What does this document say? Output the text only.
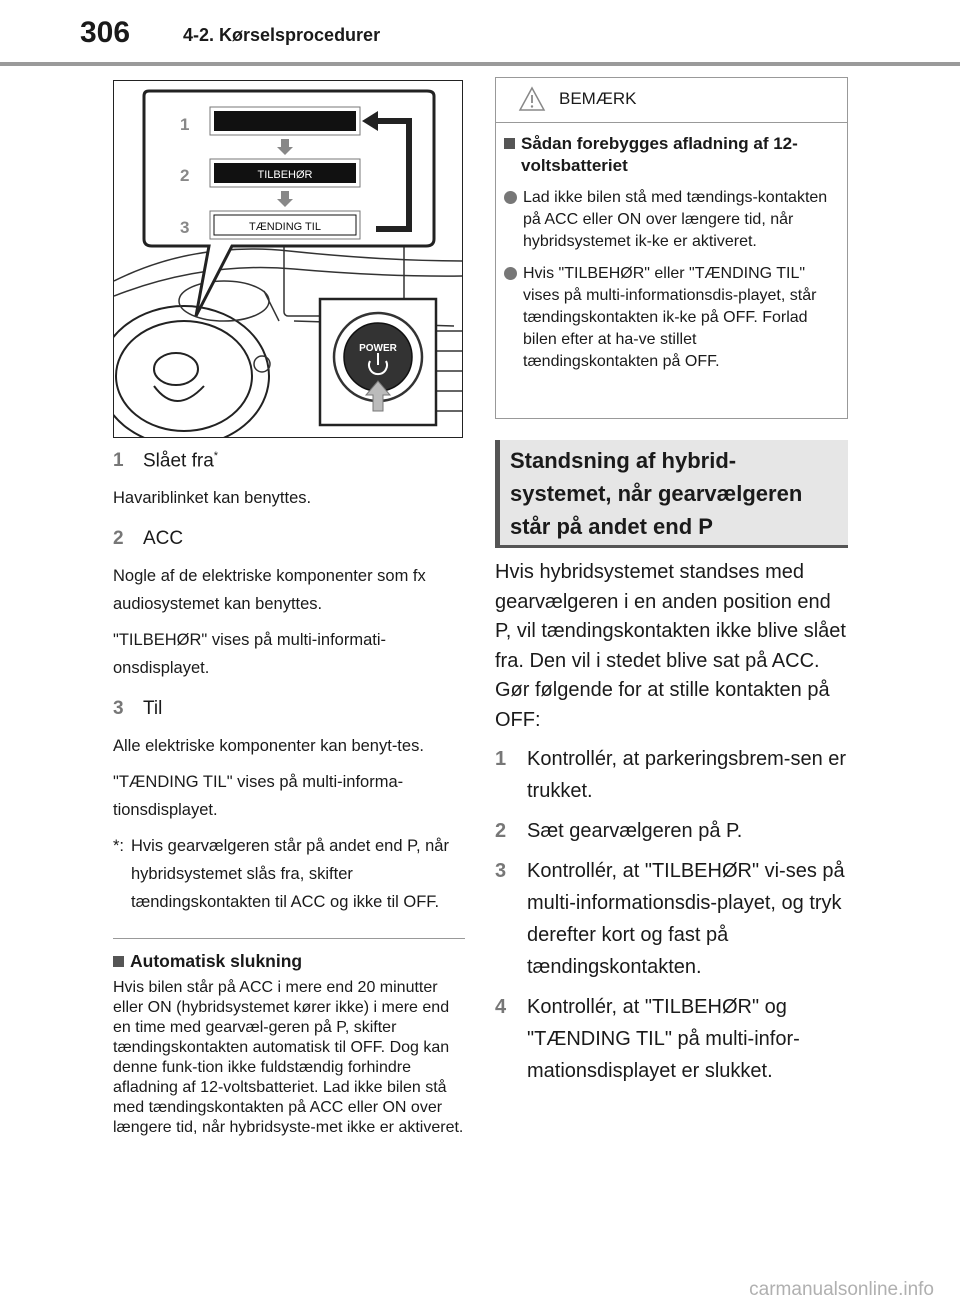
306	4-2. Kørselsprocedurer
1
2
3
TILBEHØR
TÆNDING TIL
POWER
1	Slået fra*

Havariblinket kan benyttes.

2	ACC

Nogle af de elektriske komponenter som fx audiosystemet kan benyttes.

"TILBEHØR" vises på multi-informati-onsdisplayet.

3	Til

Alle elektriske komponenter kan benyt-tes.

"TÆNDING TIL" vises på multi-informa-tionsdisplayet.

*: Hvis gearvælgeren står på andet end P, når hybridsystemet slås fra, skifter tændingskontakten til ACC og ikke til OFF.
Automatisk slukning

Hvis bilen står på ACC i mere end 20 minutter eller ON (hybridsystemet kører ikke) i mere end en time med gearvæl-geren på P, skifter tændingskontakten automatisk til OFF. Dog kan denne funk-tion ikke fuldstændig forhindre afladning af 12-voltsbatteriet. Lad ikke bilen stå med tændingskontakten på ACC eller ON over længere tid, når hybridsyste-met ikke er aktiveret.

BEMÆRK
Sådan forebygges afladning af 12-voltsbatteriet
Lad ikke bilen stå med tændings-kontakten på ACC eller ON over længere tid, når hybridsystemet ik-ke er aktiveret.
Hvis "TILBEHØR" eller "TÆNDING TIL" vises på multi-informationsdis-playet, står tændingskontakten ik-ke på OFF. Forlad bilen efter at ha-ve stillet tændingskontakten på OFF.
Standsning af hybrid-
systemet, når gearvælgeren
står på andet end P

Hvis hybridsystemet standses med gearvælgeren i en anden position end P, vil tændingskontakten ikke blive slået fra. Den vil i stedet blive sat på ACC. Gør følgende for at stille kontakten på OFF:

1	Kontrollér, at parkeringsbrem-sen er trukket.
2	Sæt gearvælgeren på P.
3	Kontrollér, at "TILBEHØR" vi-ses på multi-informationsdis-playet, og tryk derefter kort og fast på tændingskontakten.
4	Kontrollér, at "TILBEHØR" og "TÆNDING TIL" på multi-infor-mationsdisplayet er slukket.
carmanualsonline.info
